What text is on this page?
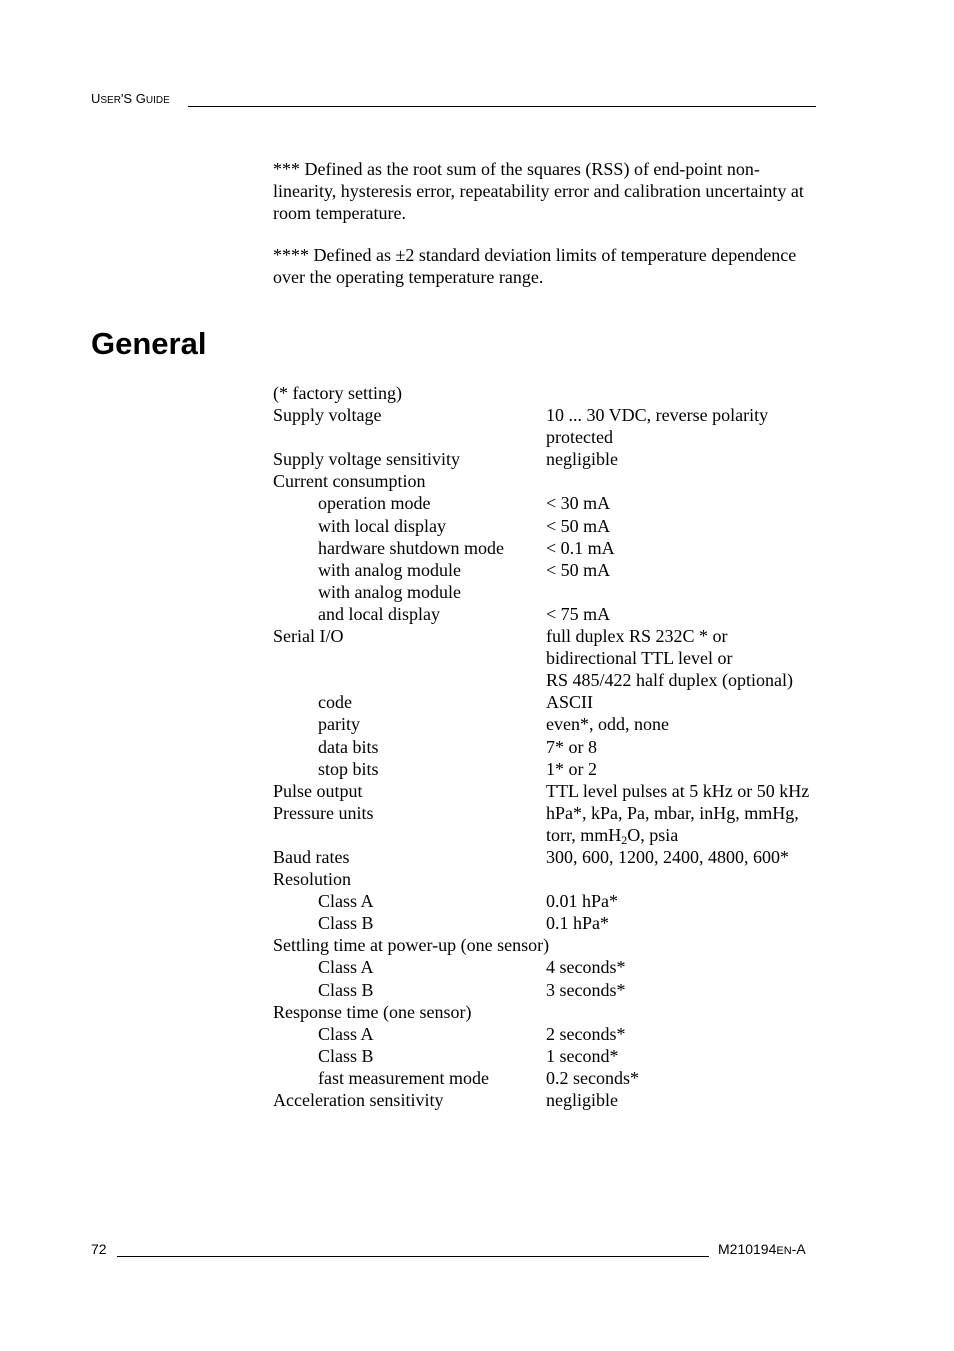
USER'S GUIDE

*** Defined as the root sum of the squares (RSS) of end-point non-linearity, hysteresis error, repeatability error and calibration uncertainty at room temperature.

**** Defined as ±2 standard deviation limits of temperature dependence over the operating temperature range.

General
(* factory setting)
Supply voltage	10 ... 30 VDC, reverse polarity protected
Supply voltage sensitivity	negligible
Current consumption
operation mode	< 30 mA
with local display	< 50 mA
hardware shutdown mode	< 0.1 mA
with analog module	< 50 mA
with analog module
and local display	< 75 mA
Serial I/O	full duplex RS 232C * or
bidirectional TTL level or
RS 485/422 half duplex (optional)
code	ASCII
parity	even*, odd, none
data bits	7* or 8
stop bits	1* or 2
Pulse output	TTL level pulses at 5 kHz or 50 kHz
Pressure units	hPa*, kPa, Pa, mbar, inHg, mmHg,
torr, mmH$_2$O, psia
Baud rates	300, 600, 1200, 2400, 4800, 600*
Resolution
Class A	0.01 hPa*
Class B	0.1 hPa*
Settling time at power-up (one sensor)
Class A	4 seconds*
Class B	3 seconds*
Response time (one sensor)
Class A	2 seconds*
Class B	1 second*
fast measurement mode	0.2 seconds*
Acceleration sensitivity	negligible
72	M210194EN-A
